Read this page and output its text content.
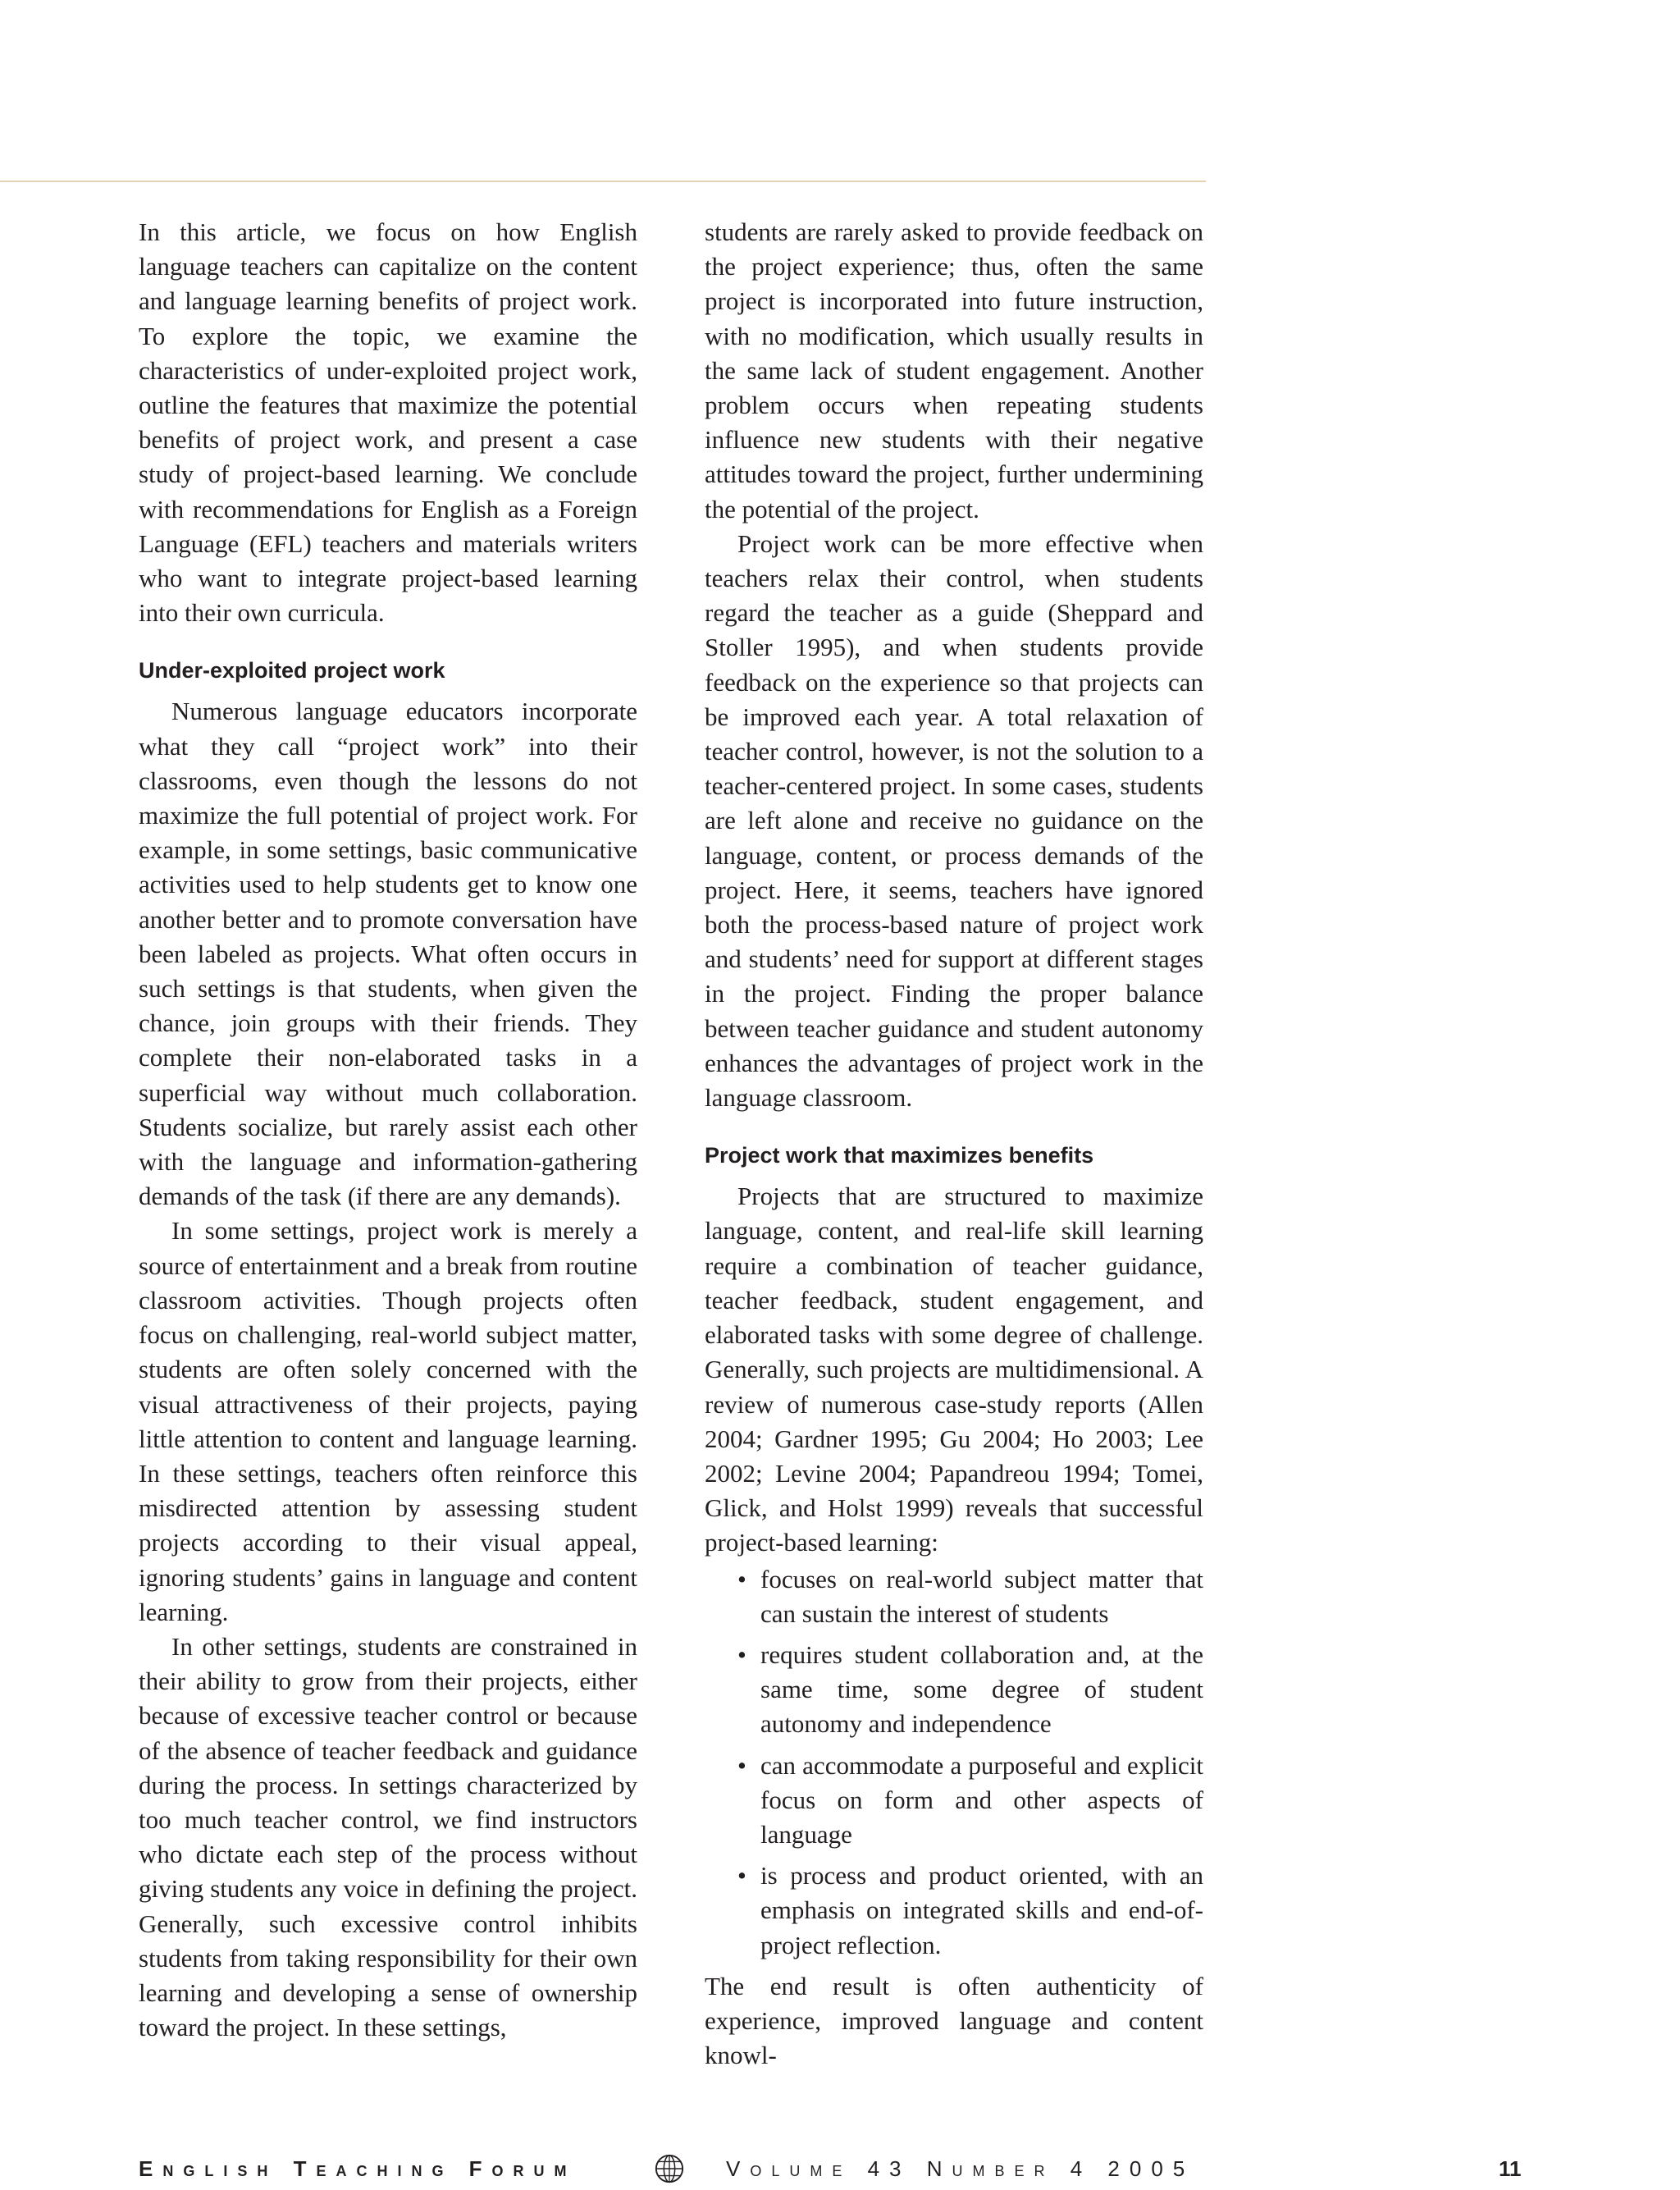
In this article, we focus on how English language teachers can capitalize on the content and language learning benefits of project work. To explore the topic, we examine the characteristics of under-exploited project work, outline the features that maximize the potential benefits of project work, and present a case study of project-based learning. We conclude with recommendations for English as a Foreign Language (EFL) teachers and materials writers who want to integrate project-based learning into their own curricula.

Under-exploited project work

Numerous language educators incorporate what they call “project work” into their classrooms, even though the lessons do not maximize the full potential of project work. For example, in some settings, basic communicative activities used to help students get to know one another better and to promote conversation have been labeled as projects. What often occurs in such settings is that students, when given the chance, join groups with their friends. They complete their non-elaborated tasks in a superficial way without much collaboration. Students socialize, but rarely assist each other with the language and information-gathering demands of the task (if there are any demands).

In some settings, project work is merely a source of entertainment and a break from routine classroom activities. Though projects often focus on challenging, real-world subject matter, students are often solely concerned with the visual attractiveness of their projects, paying little attention to content and language learning. In these settings, teachers often reinforce this misdirected attention by assessing student projects according to their visual appeal, ignoring students’ gains in language and content learning.

In other settings, students are constrained in their ability to grow from their projects, either because of excessive teacher control or because of the absence of teacher feedback and guidance during the process. In settings characterized by too much teacher control, we find instructors who dictate each step of the process without giving students any voice in defining the project. Generally, such excessive control inhibits students from taking responsibility for their own learning and developing a sense of ownership toward the project. In these settings,

students are rarely asked to provide feedback on the project experience; thus, often the same project is incorporated into future instruction, with no modification, which usually results in the same lack of student engagement. Another problem occurs when repeating students influence new students with their negative attitudes toward the project, further undermining the potential of the project.

Project work can be more effective when teachers relax their control, when students regard the teacher as a guide (Sheppard and Stoller 1995), and when students provide feedback on the experience so that projects can be improved each year. A total relaxation of teacher control, however, is not the solution to a teacher-centered project. In some cases, students are left alone and receive no guidance on the language, content, or process demands of the project. Here, it seems, teachers have ignored both the process-based nature of project work and students’ need for support at different stages in the project. Finding the proper balance between teacher guidance and student autonomy enhances the advantages of project work in the language classroom.

Project work that maximizes benefits

Projects that are structured to maximize language, content, and real-life skill learning require a combination of teacher guidance, teacher feedback, student engagement, and elaborated tasks with some degree of challenge. Generally, such projects are multidimensional. A review of numerous case-study reports (Allen 2004; Gardner 1995; Gu 2004; Ho 2003; Lee 2002; Levine 2004; Papandreou 1994; Tomei, Glick, and Holst 1999) reveals that successful project-based learning:

• focuses on real-world subject matter that can sustain the interest of students
• requires student collaboration and, at the same time, some degree of student autonomy and independence
• can accommodate a purposeful and explicit focus on form and other aspects of language
• is process and product oriented, with an emphasis on integrated skills and end-of-project reflection.

The end result is often authenticity of experience, improved language and content knowl-

English Teaching Forum	Volume 43 Number 4 2005	11
